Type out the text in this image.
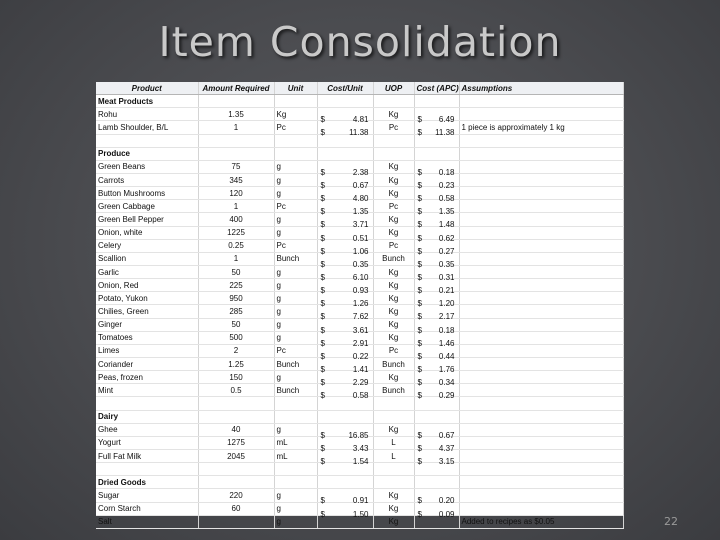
Item Consolidation
Product	Amount Required	Unit	Cost/Unit	UOP	Cost (APC)	Assumptions
Meat Products						
Rohu	1.35	Kg	$ 4.81	Kg	$ 6.49	

Lamb Shoulder, B/L	1	Pc	$ 11.38	Pc	$ 11.38	1 piece is approximately 1 kg

Produce						
Green Beans	75	g	$ 2.38	Kg	$ 0.18	

Carrots	345	g	$ 0.67	Kg	$ 0.23	

Button Mushrooms	120	g	$ 4.80	Kg	$ 0.58	

Green Cabbage	1	Pc	$ 1.35	Pc	$ 1.35	

Green Bell Pepper	400	g	$ 3.71	Kg	$ 1.48	

Onion, white	1225	g	$ 0.51	Kg	$ 0.62	

Celery	0.25	Pc	$ 1.06	Pc	$ 0.27	

Scallion	1	Bunch	$ 0.35	Bunch	$ 0.35	

Garlic	50	g	$ 6.10	Kg	$ 0.31	

Onion, Red	225	g	$ 0.93	Kg	$ 0.21	

Potato, Yukon	950	g	$ 1.26	Kg	$ 1.20	

Chilies, Green	285	g	$ 7.62	Kg	$ 2.17	

Ginger	50	g	$ 3.61	Kg	$ 0.18	

Tomatoes	500	g	$ 2.91	Kg	$ 1.46	

Limes	2	Pc	$ 0.22	Pc	$ 0.44	

Coriander	1.25	Bunch	$ 1.41	Bunch	$ 1.76	

Peas, frozen	150	g	$ 2.29	Kg	$ 0.34	

Mint	0.5	Bunch	$ 0.58	Bunch	$ 0.29	

Dairy						
Ghee	40	g	$ 16.85	Kg	$ 0.67	

Yogurt	1275	mL	$ 3.43	L	$ 4.37	

Full Fat Milk	2045	mL	$ 1.54	L	$ 3.15	

Dried Goods						
Sugar	220	g	$ 0.91	Kg	$ 0.20	

Corn Starch	60	g	$ 1.50	Kg	$ 0.09	

Salt		g		Kg		Added to recipes as $0.05	22
